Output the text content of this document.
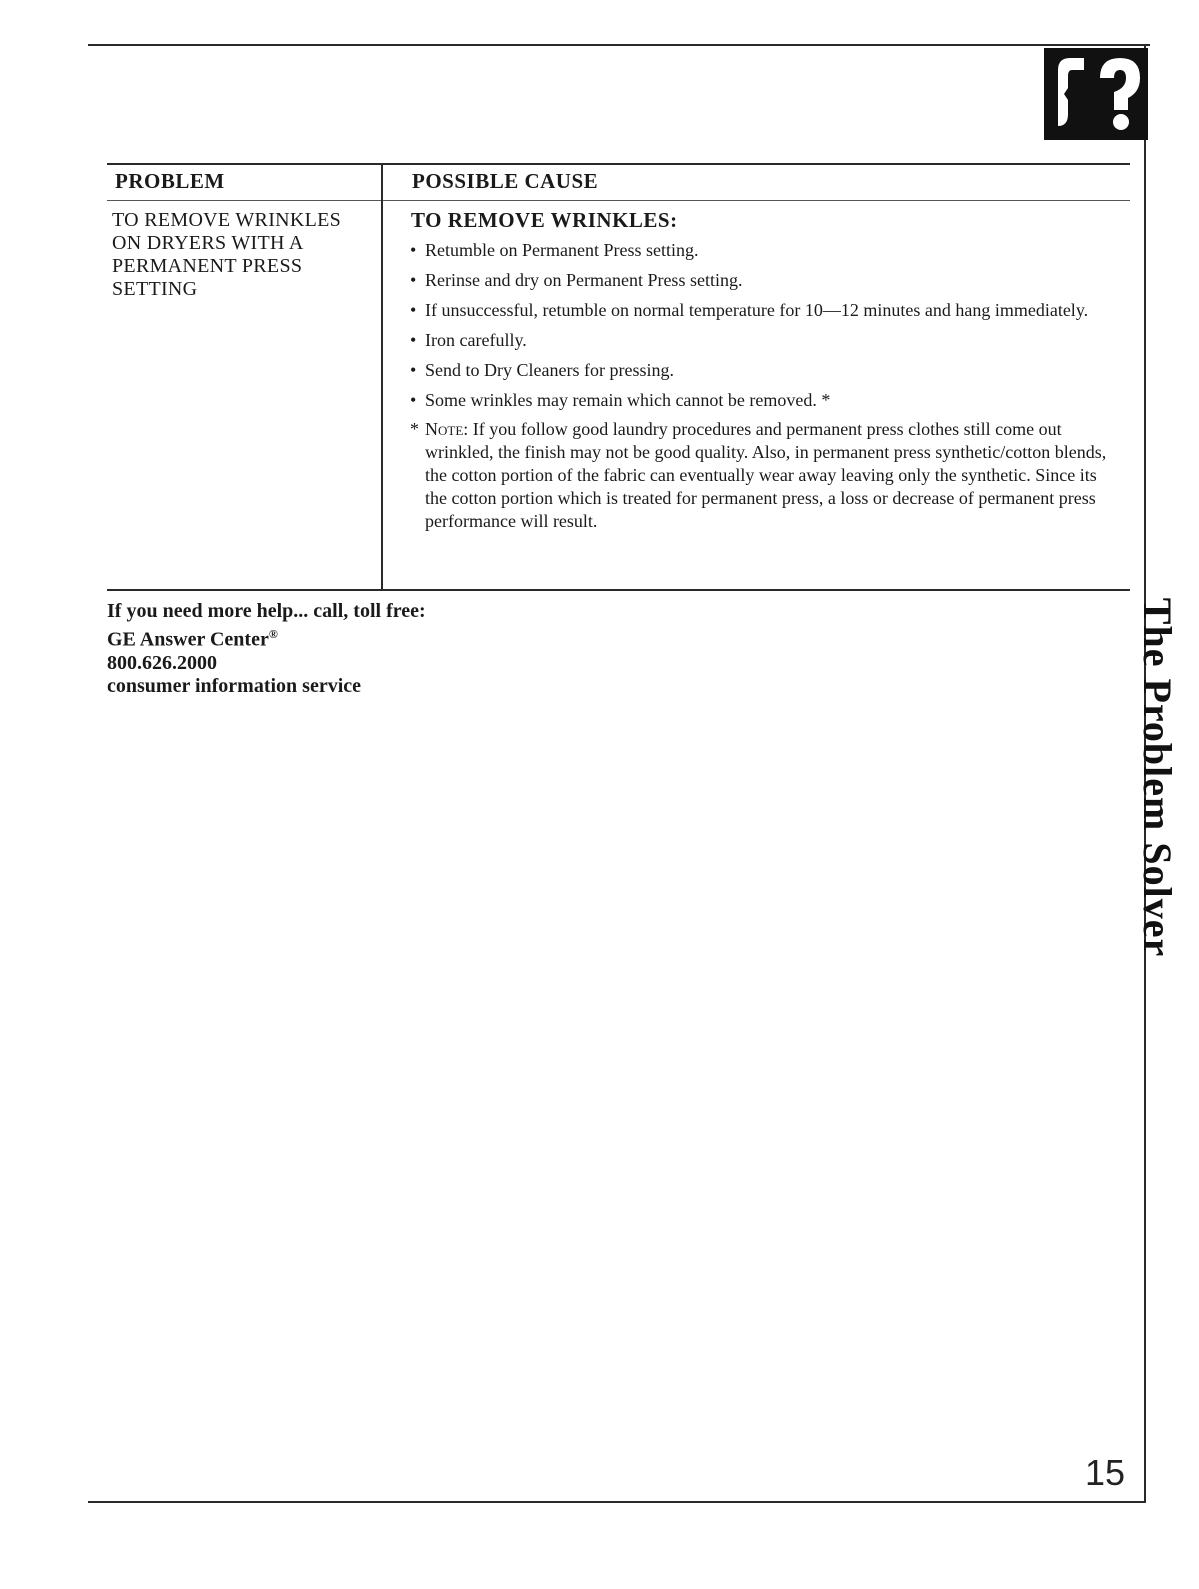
The Problem Solver
PROBLEM	POSSIBLE CAUSE
TO REMOVE WRINKLES ON DRYERS WITH A PERMANENT PRESS SETTING
TO REMOVE WRINKLES:
• Retumble on Permanent Press setting.
• Rerinse and dry on Permanent Press setting.
• If unsuccessful, retumble on normal temperature for 10—12 minutes and hang immediately.
• Iron carefully.
• Send to Dry Cleaners for pressing.
• Some wrinkles may remain which cannot be removed. *
* Note: If you follow good laundry procedures and permanent press clothes still come out wrinkled, the finish may not be good quality. Also, in permanent press synthetic/cotton blends, the cotton portion of the fabric can eventually wear away leaving only the synthetic. Since its the cotton portion which is treated for permanent press, a loss or decrease of permanent press performance will result.
If you need more help... call, toll free:
GE Answer Center®
800.626.2000
consumer information service
15
